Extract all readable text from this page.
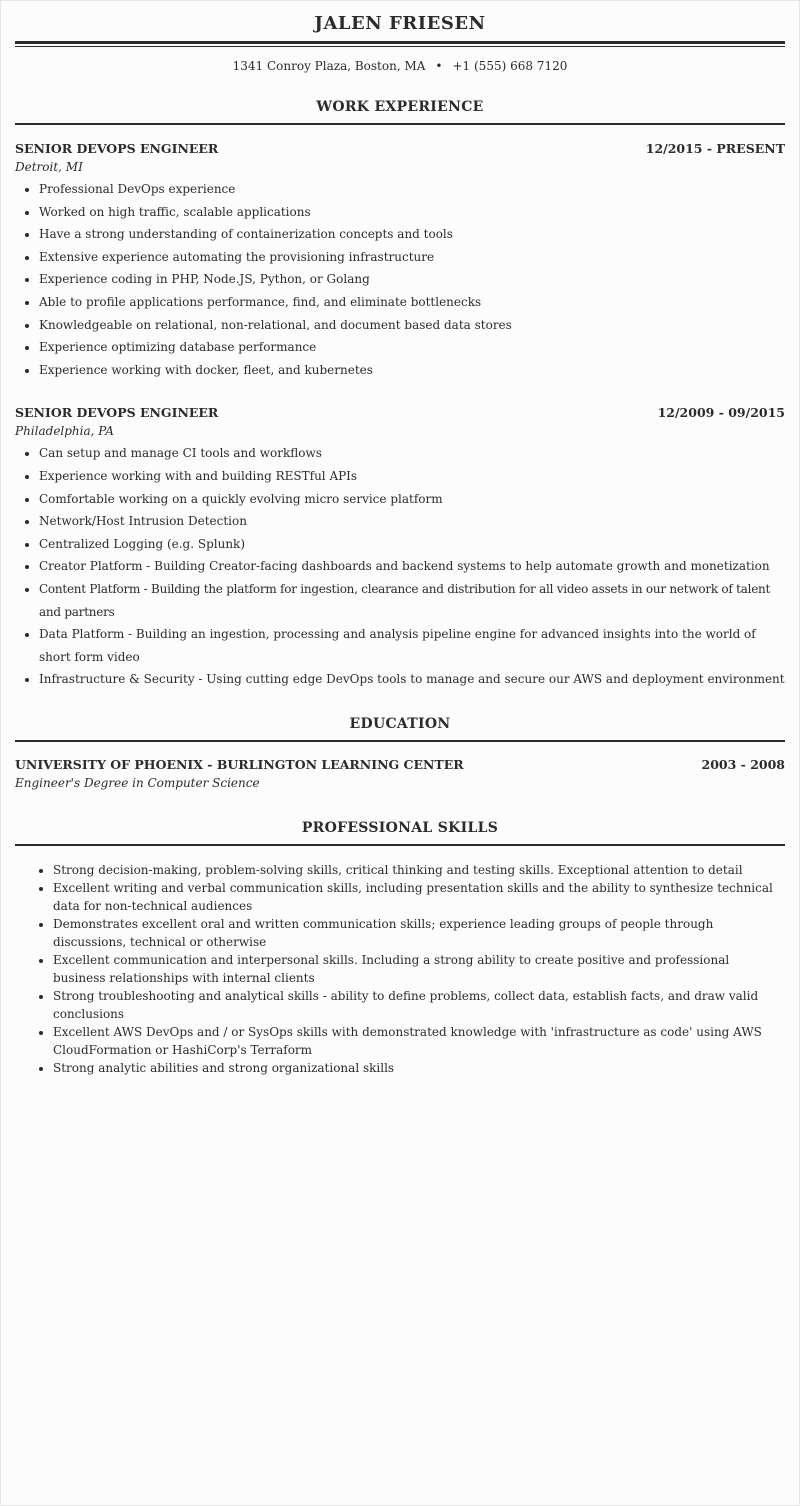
JALEN FRIESEN
1341 Conroy Plaza, Boston, MA • +1 (555) 668 7120
WORK EXPERIENCE
SENIOR DEVOPS ENGINEER	12/2015 - PRESENT
Detroit, MI
• Professional DevOps experience
• Worked on high traffic, scalable applications
• Have a strong understanding of containerization concepts and tools
• Extensive experience automating the provisioning infrastructure
• Experience coding in PHP, Node.JS, Python, or Golang
• Able to profile applications performance, find, and eliminate bottlenecks
• Knowledgeable on relational, non-relational, and document based data stores
• Experience optimizing database performance
• Experience working with docker, fleet, and kubernetes
SENIOR DEVOPS ENGINEER	12/2009 - 09/2015
Philadelphia, PA
• Can setup and manage CI tools and workflows
• Experience working with and building RESTful APIs
• Comfortable working on a quickly evolving micro service platform
• Network/Host Intrusion Detection
• Centralized Logging (e.g. Splunk)
• Creator Platform - Building Creator-facing dashboards and backend systems to help automate growth and monetization
• Content Platform - Building the platform for ingestion, clearance and distribution for all video assets in our network of talent and partners
• Data Platform - Building an ingestion, processing and analysis pipeline engine for advanced insights into the world of short form video
• Infrastructure & Security - Using cutting edge DevOps tools to manage and secure our AWS and deployment environment
EDUCATION
UNIVERSITY OF PHOENIX - BURLINGTON LEARNING CENTER	2003 - 2008
Engineer's Degree in Computer Science
PROFESSIONAL SKILLS
• Strong decision-making, problem-solving skills, critical thinking and testing skills. Exceptional attention to detail
• Excellent writing and verbal communication skills, including presentation skills and the ability to synthesize technical data for non-technical audiences
• Demonstrates excellent oral and written communication skills; experience leading groups of people through discussions, technical or otherwise
• Excellent communication and interpersonal skills. Including a strong ability to create positive and professional business relationships with internal clients
• Strong troubleshooting and analytical skills - ability to define problems, collect data, establish facts, and draw valid conclusions
• Excellent AWS DevOps and / or SysOps skills with demonstrated knowledge with 'infrastructure as code' using AWS CloudFormation or HashiCorp's Terraform
• Strong analytic abilities and strong organizational skills
